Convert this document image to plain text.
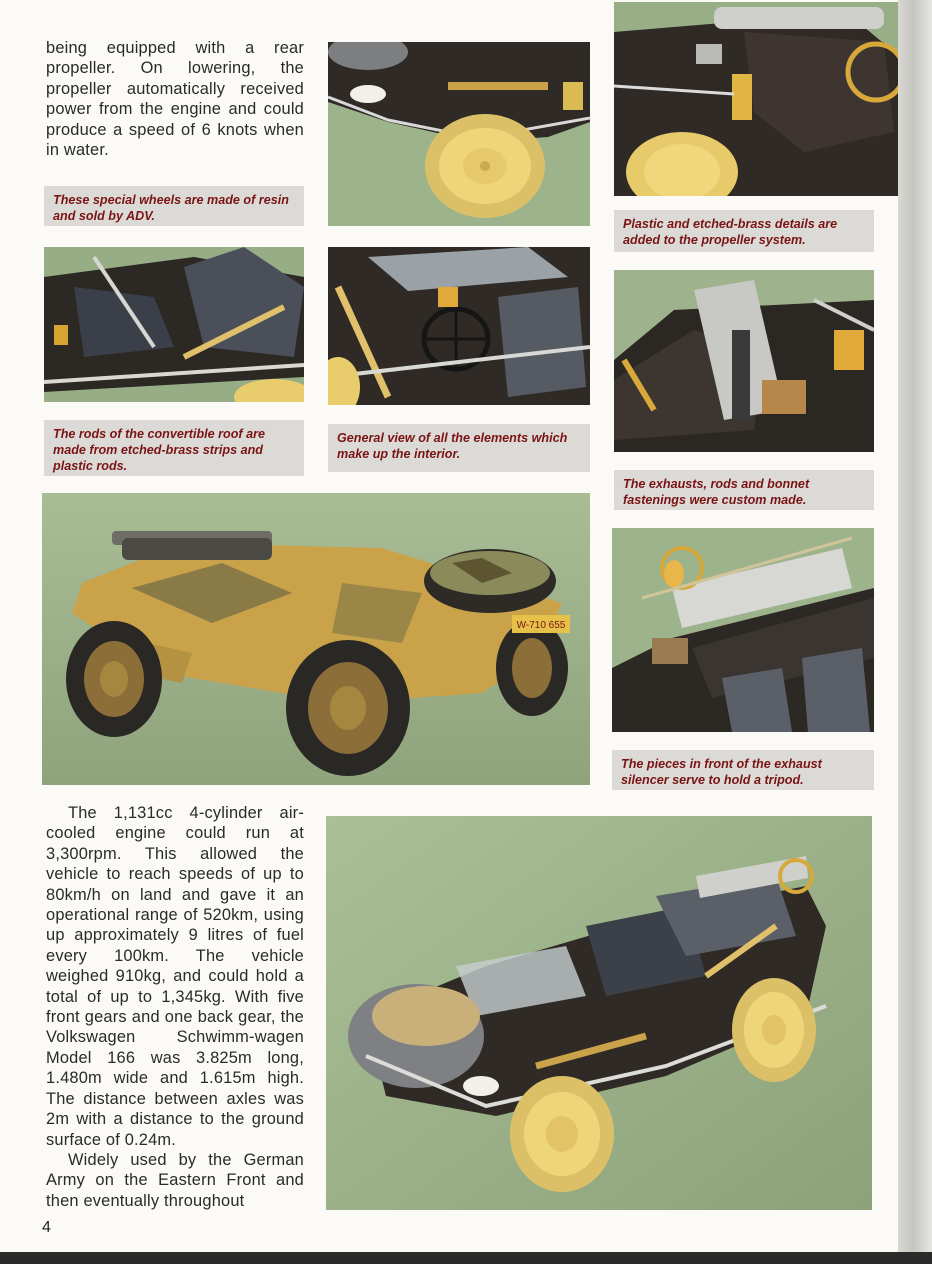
being equipped with a rear propeller. On lowering, the propeller automatically received power from the engine and could produce a speed of 6 knots when in water.

These special wheels are made of resin and sold by ADV.
Plastic and etched-brass details are added to the propeller system.
The rods of the convertible roof are made from etched-brass strips and plastic rods.
General view of all the elements which make up the interior.
The exhausts, rods and bonnet fastenings were custom made.
W-710 655
The pieces in front of the exhaust silencer serve to hold a tripod.

The 1,131cc 4-cylinder air-cooled engine could run at 3,300rpm. This allowed the vehicle to reach speeds of up to 80km/h on land and gave it an operational range of 520km, using up approximately 9 litres of fuel every 100km. The vehicle weighed 910kg, and could hold a total of up to 1,345kg. With five front gears and one back gear, the Volkswagen Schwimm-wagen Model 166 was 3.825m long, 1.480m wide and 1.615m high. The distance between axles was 2m with a distance to the ground surface of 0.24m.

Widely used by the German Army on the Eastern Front and then eventually throughout

4
